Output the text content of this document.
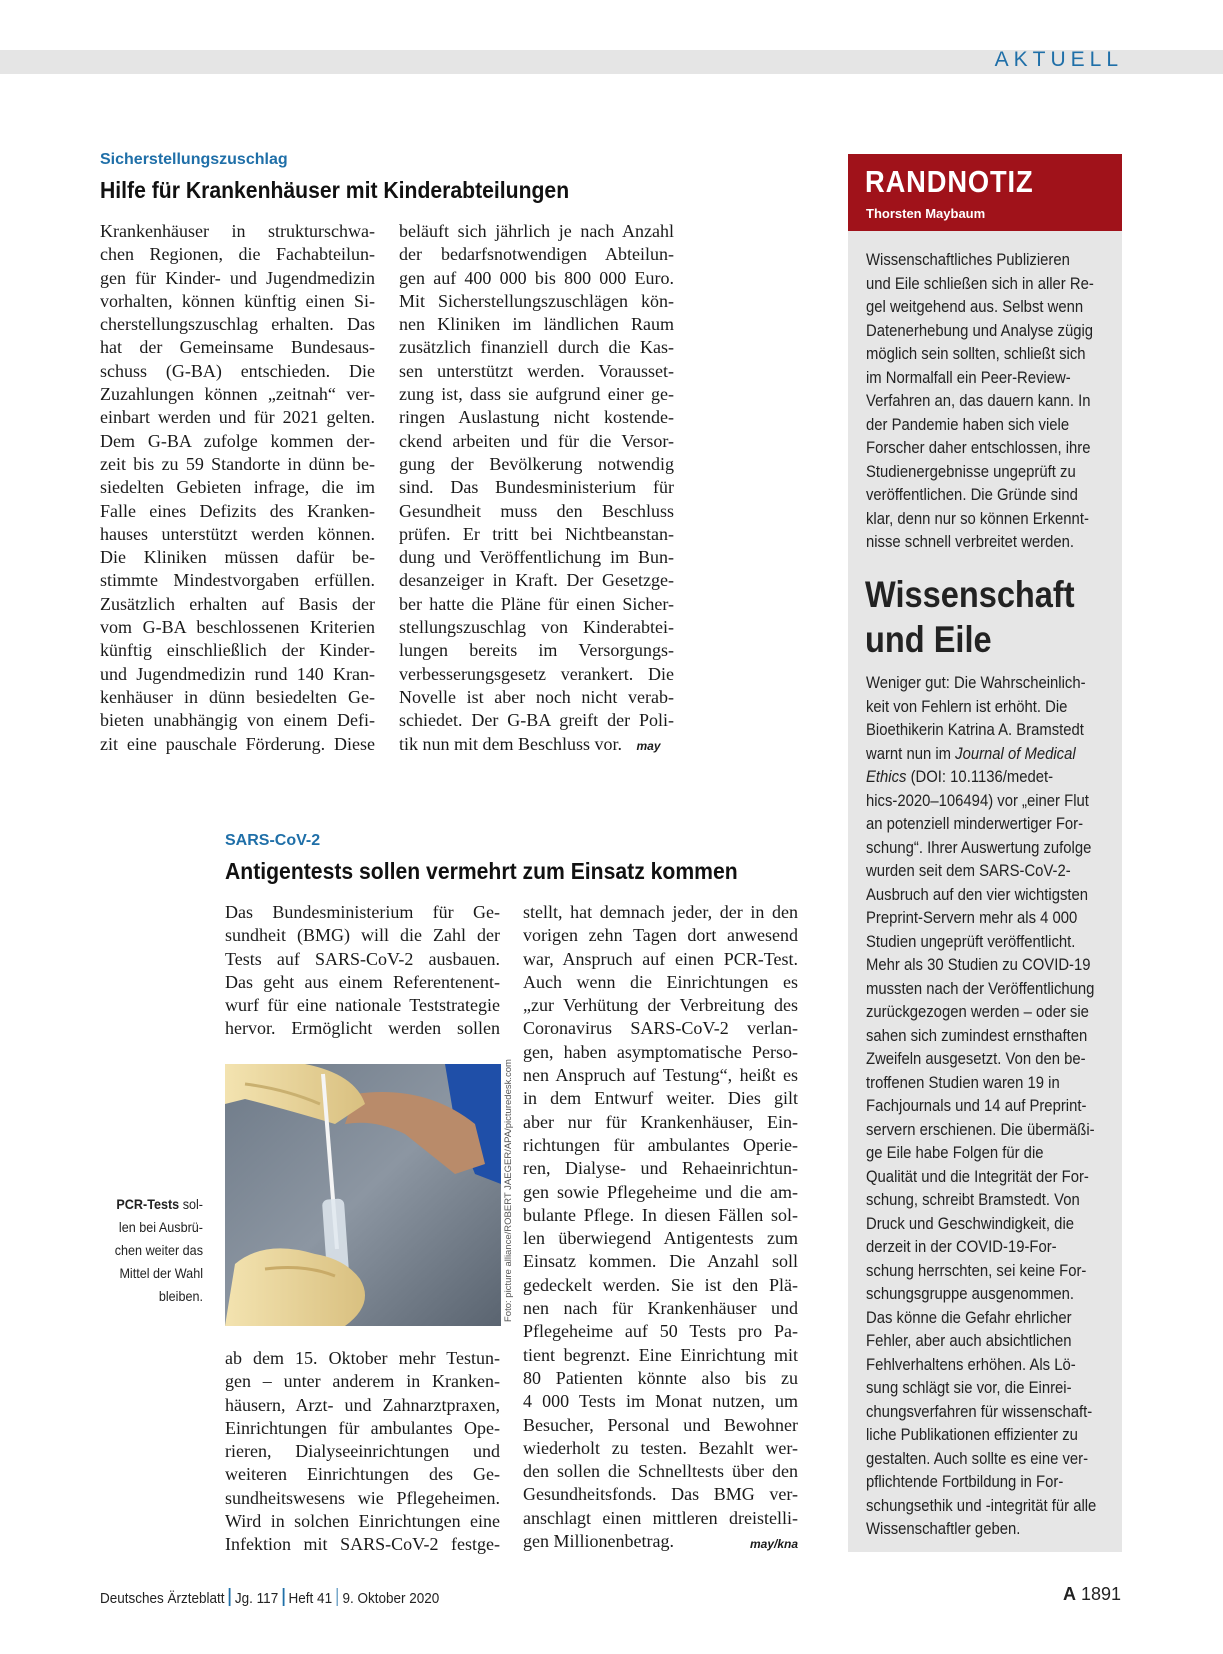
AKTUELL
Sicherstellungszuschlag
Hilfe für Krankenhäuser mit Kinderabteilungen
Krankenhäuser in strukturschwa-
chen Regionen, die Fachabteilun-
gen für Kinder- und Jugendmedizin
vorhalten, können künftig einen Si-
cherstellungszuschlag erhalten. Das
hat der Gemeinsame Bundesaus-
schuss (G-BA) entschieden. Die
Zuzahlungen können „zeitnah“ ver-
einbart werden und für 2021 gelten.
Dem G-BA zufolge kommen der-
zeit bis zu 59 Standorte in dünn be-
siedelten Gebieten infrage, die im
Falle eines Defizits des Kranken-
hauses unterstützt werden können.
Die Kliniken müssen dafür be-
stimmte Mindestvorgaben erfüllen.
Zusätzlich erhalten auf Basis der
vom G-BA beschlossenen Kriterien
künftig einschließlich der Kinder-
und Jugendmedizin rund 140 Kran-
kenhäuser in dünn besiedelten Ge-
bieten unabhängig von einem Defi-
zit eine pauschale Förderung. Diese
beläuft sich jährlich je nach Anzahl
der bedarfsnotwendigen Abteilun-
gen auf 400 000 bis 800 000 Euro.
Mit Sicherstellungszuschlägen kön-
nen Kliniken im ländlichen Raum
zusätzlich finanziell durch die Kas-
sen unterstützt werden. Vorausset-
zung ist, dass sie aufgrund einer ge-
ringen Auslastung nicht kostende-
ckend arbeiten und für die Versor-
gung der Bevölkerung notwendig
sind. Das Bundesministerium für
Gesundheit muss den Beschluss
prüfen. Er tritt bei Nichtbeanstan-
dung und Veröffentlichung im Bun-
desanzeiger in Kraft. Der Gesetzge-
ber hatte die Pläne für einen Sicher-
stellungszuschlag von Kinderabtei-
lungen bereits im Versorgungs-
verbesserungsgesetz verankert. Die
Novelle ist aber noch nicht verab-
schiedet. Der G-BA greift der Poli-
tik nun mit dem Beschluss vor. may
SARS-CoV-2
Antigentests sollen vermehrt zum Einsatz kommen
Das Bundesministerium für Ge-
sundheit (BMG) will die Zahl der
Tests auf SARS-CoV-2 ausbauen.
Das geht aus einem Referentenent-
wurf für eine nationale Teststrategie
hervor. Ermöglicht werden sollen
Foto: picture alliance/ROBERT JAEGER/APA/picturedesk.com
PCR-Tests sol-
len bei Ausbrü-
chen weiter das
Mittel der Wahl
bleiben.
ab dem 15. Oktober mehr Testun-
gen – unter anderem in Kranken-
häusern, Arzt- und Zahnarztpraxen,
Einrichtungen für ambulantes Ope-
rieren, Dialyseeinrichtungen und
weiteren Einrichtungen des Ge-
sundheitswesens wie Pflegeheimen.
Wird in solchen Einrichtungen eine
Infektion mit SARS-CoV-2 festge-
stellt, hat demnach jeder, der in den
vorigen zehn Tagen dort anwesend
war, Anspruch auf einen PCR-Test.
Auch wenn die Einrichtungen es
„zur Verhütung der Verbreitung des
Coronavirus SARS-CoV-2 verlan-
gen, haben asymptomatische Perso-
nen Anspruch auf Testung“, heißt es
in dem Entwurf weiter. Dies gilt
aber nur für Krankenhäuser, Ein-
richtungen für ambulantes Operie-
ren, Dialyse- und Rehaeinrichtun-
gen sowie Pflegeheime und die am-
bulante Pflege. In diesen Fällen sol-
len überwiegend Antigentests zum
Einsatz kommen. Die Anzahl soll
gedeckelt werden. Sie ist den Plä-
nen nach für Krankenhäuser und
Pflegeheime auf 50 Tests pro Pa-
tient begrenzt. Eine Einrichtung mit
80 Patienten könnte also bis zu
4 000 Tests im Monat nutzen, um
Besucher, Personal und Bewohner
wiederholt zu testen. Bezahlt wer-
den sollen die Schnelltests über den
Gesundheitsfonds. Das BMG ver-
anschlagt einen mittleren dreistelli-
gen Millionenbetrag.	may/kna
RANDNOTIZ
Thorsten Maybaum
Wissenschaftliches Publizieren
und Eile schließen sich in aller Re-
gel weitgehend aus. Selbst wenn
Datenerhebung und Analyse zügig
möglich sein sollten, schließt sich
im Normalfall ein Peer-Review-
Verfahren an, das dauern kann. In
der Pandemie haben sich viele
Forscher daher entschlossen, ihre
Studienergebnisse ungeprüft zu
veröffentlichen. Die Gründe sind
klar, denn nur so können Erkennt-
nisse schnell verbreitet werden.
Wissenschaft
und Eile
Weniger gut: Die Wahrscheinlich-
keit von Fehlern ist erhöht. Die
Bioethikerin Katrina A. Bramstedt
warnt nun im Journal of Medical
Ethics (DOI: 10.1136/medet-
hics-2020–106494) vor „einer Flut
an potenziell minderwertiger For-
schung“. Ihrer Auswertung zufolge
wurden seit dem SARS-CoV-2-
Ausbruch auf den vier wichtigsten
Preprint-Servern mehr als 4 000
Studien ungeprüft veröffentlicht.
Mehr als 30 Studien zu COVID-19
mussten nach der Veröffentlichung
zurückgezogen werden – oder sie
sahen sich zumindest ernsthaften
Zweifeln ausgesetzt. Von den be-
troffenen Studien waren 19 in
Fachjournals und 14 auf Preprint-
servern erschienen. Die übermäßi-
ge Eile habe Folgen für die
Qualität und die Integrität der For-
schung, schreibt Bramstedt. Von
Druck und Geschwindigkeit, die
derzeit in der COVID-19-For-
schung herrschten, sei keine For-
schungsgruppe ausgenommen.
Das könne die Gefahr ehrlicher
Fehler, aber auch absichtlichen
Fehlverhaltens erhöhen. Als Lö-
sung schlägt sie vor, die Einrei-
chungsverfahren für wissenschaft-
liche Publikationen effizienter zu
gestalten. Auch sollte es eine ver-
pflichtende Fortbildung in For-
schungsethik und -integrität für alle
Wissenschaftler geben.
Deutsches Ärzteblatt Jg. 117 Heft 41 9. Oktober 2020	A 1891
